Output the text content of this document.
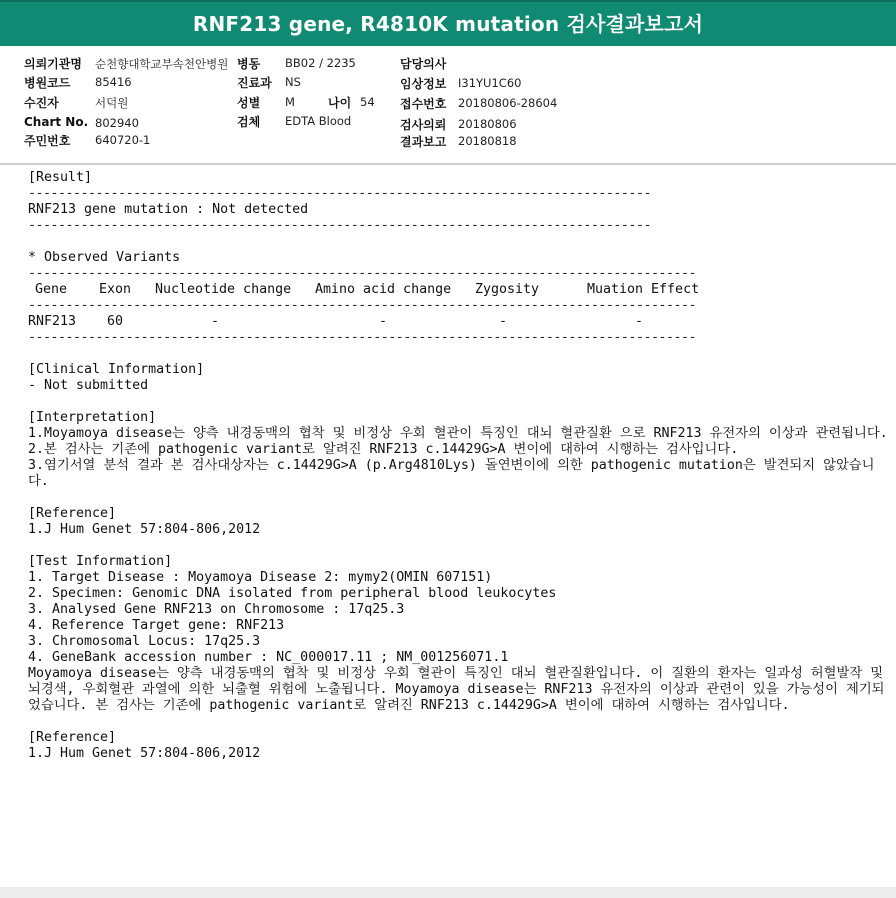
RNF213 gene, R4810K mutation 검사결과보고서
의뢰기관명 순천향대학교부속천안병원
병원코드 85416
수진자	서덕원
Chart No. 802940
주민번호 640720-1
병동 BB02 / 2235
진료과 NS
성별 M	나이 54
검체 EDTA Blood
담당의사
임상정보 I31YU1C60
접수번호 20180806-28604
검사의뢰 20180806
결과보고 20180818
[Result]
-----------------------------------------------------------------------------------
RNF213 gene mutation : Not detected
-----------------------------------------------------------------------------------
* Observed Variants
-----------------------------------------------------------------------------------------
Gene Exon Nucleotide change Amino acid change Zygosity	Muation Effect
-----------------------------------------------------------------------------------------
RNF213 60	-	-	-	-
-----------------------------------------------------------------------------------------
[Clinical Information]
- Not submitted
[Interpretation]
1.Moyamoya disease는 양측 내경동맥의 협착 및 비정상 우회 혈관이 특징인 대뇌 혈관질환 으로 RNF213 유전자의 이상과 관련됩니다.
2.본 검사는 기존에 pathogenic variant로 알려진 RNF213 c.14429G>A 변이에 대하여 시행하는 검사입니다.
3.염기서열 분석 결과 본 검사대상자는 c.14429G>A (p.Arg4810Lys) 돌연변이에 의한 pathogenic mutation은 발견되지 않았습니다.
[Reference]
1.J Hum Genet 57:804-806,2012
[Test Information]
1. Target Disease : Moyamoya Disease 2: mymy2(OMIN 607151)
2. Specimen: Genomic DNA isolated from peripheral blood leukocytes
3. Analysed Gene RNF213 on Chromosome : 17q25.3
4. Reference Target gene: RNF213
3. Chromosomal Locus: 17q25.3
4. GeneBank accession number : NC_000017.11 ; NM_001256071.1
Moyamoya disease는 양측 내경동맥의 협착 및 비정상 우회 혈관이 특징인 대뇌 혈관질환입니다. 이 질환의 환자는 일과성 허혈발작 및 뇌경색, 우회혈관 과열에 의한 뇌출혈 위험에 노출됩니다. Moyamoya disease는 RNF213 유전자의 이상과 관련이 있을 가능성이 제기되었습니다. 본 검사는 기존에 pathogenic variant로 알려진 RNF213 c.14429G>A 변이에 대하여 시행하는 검사입니다.
[Reference]
1.J Hum Genet 57:804-806,2012
